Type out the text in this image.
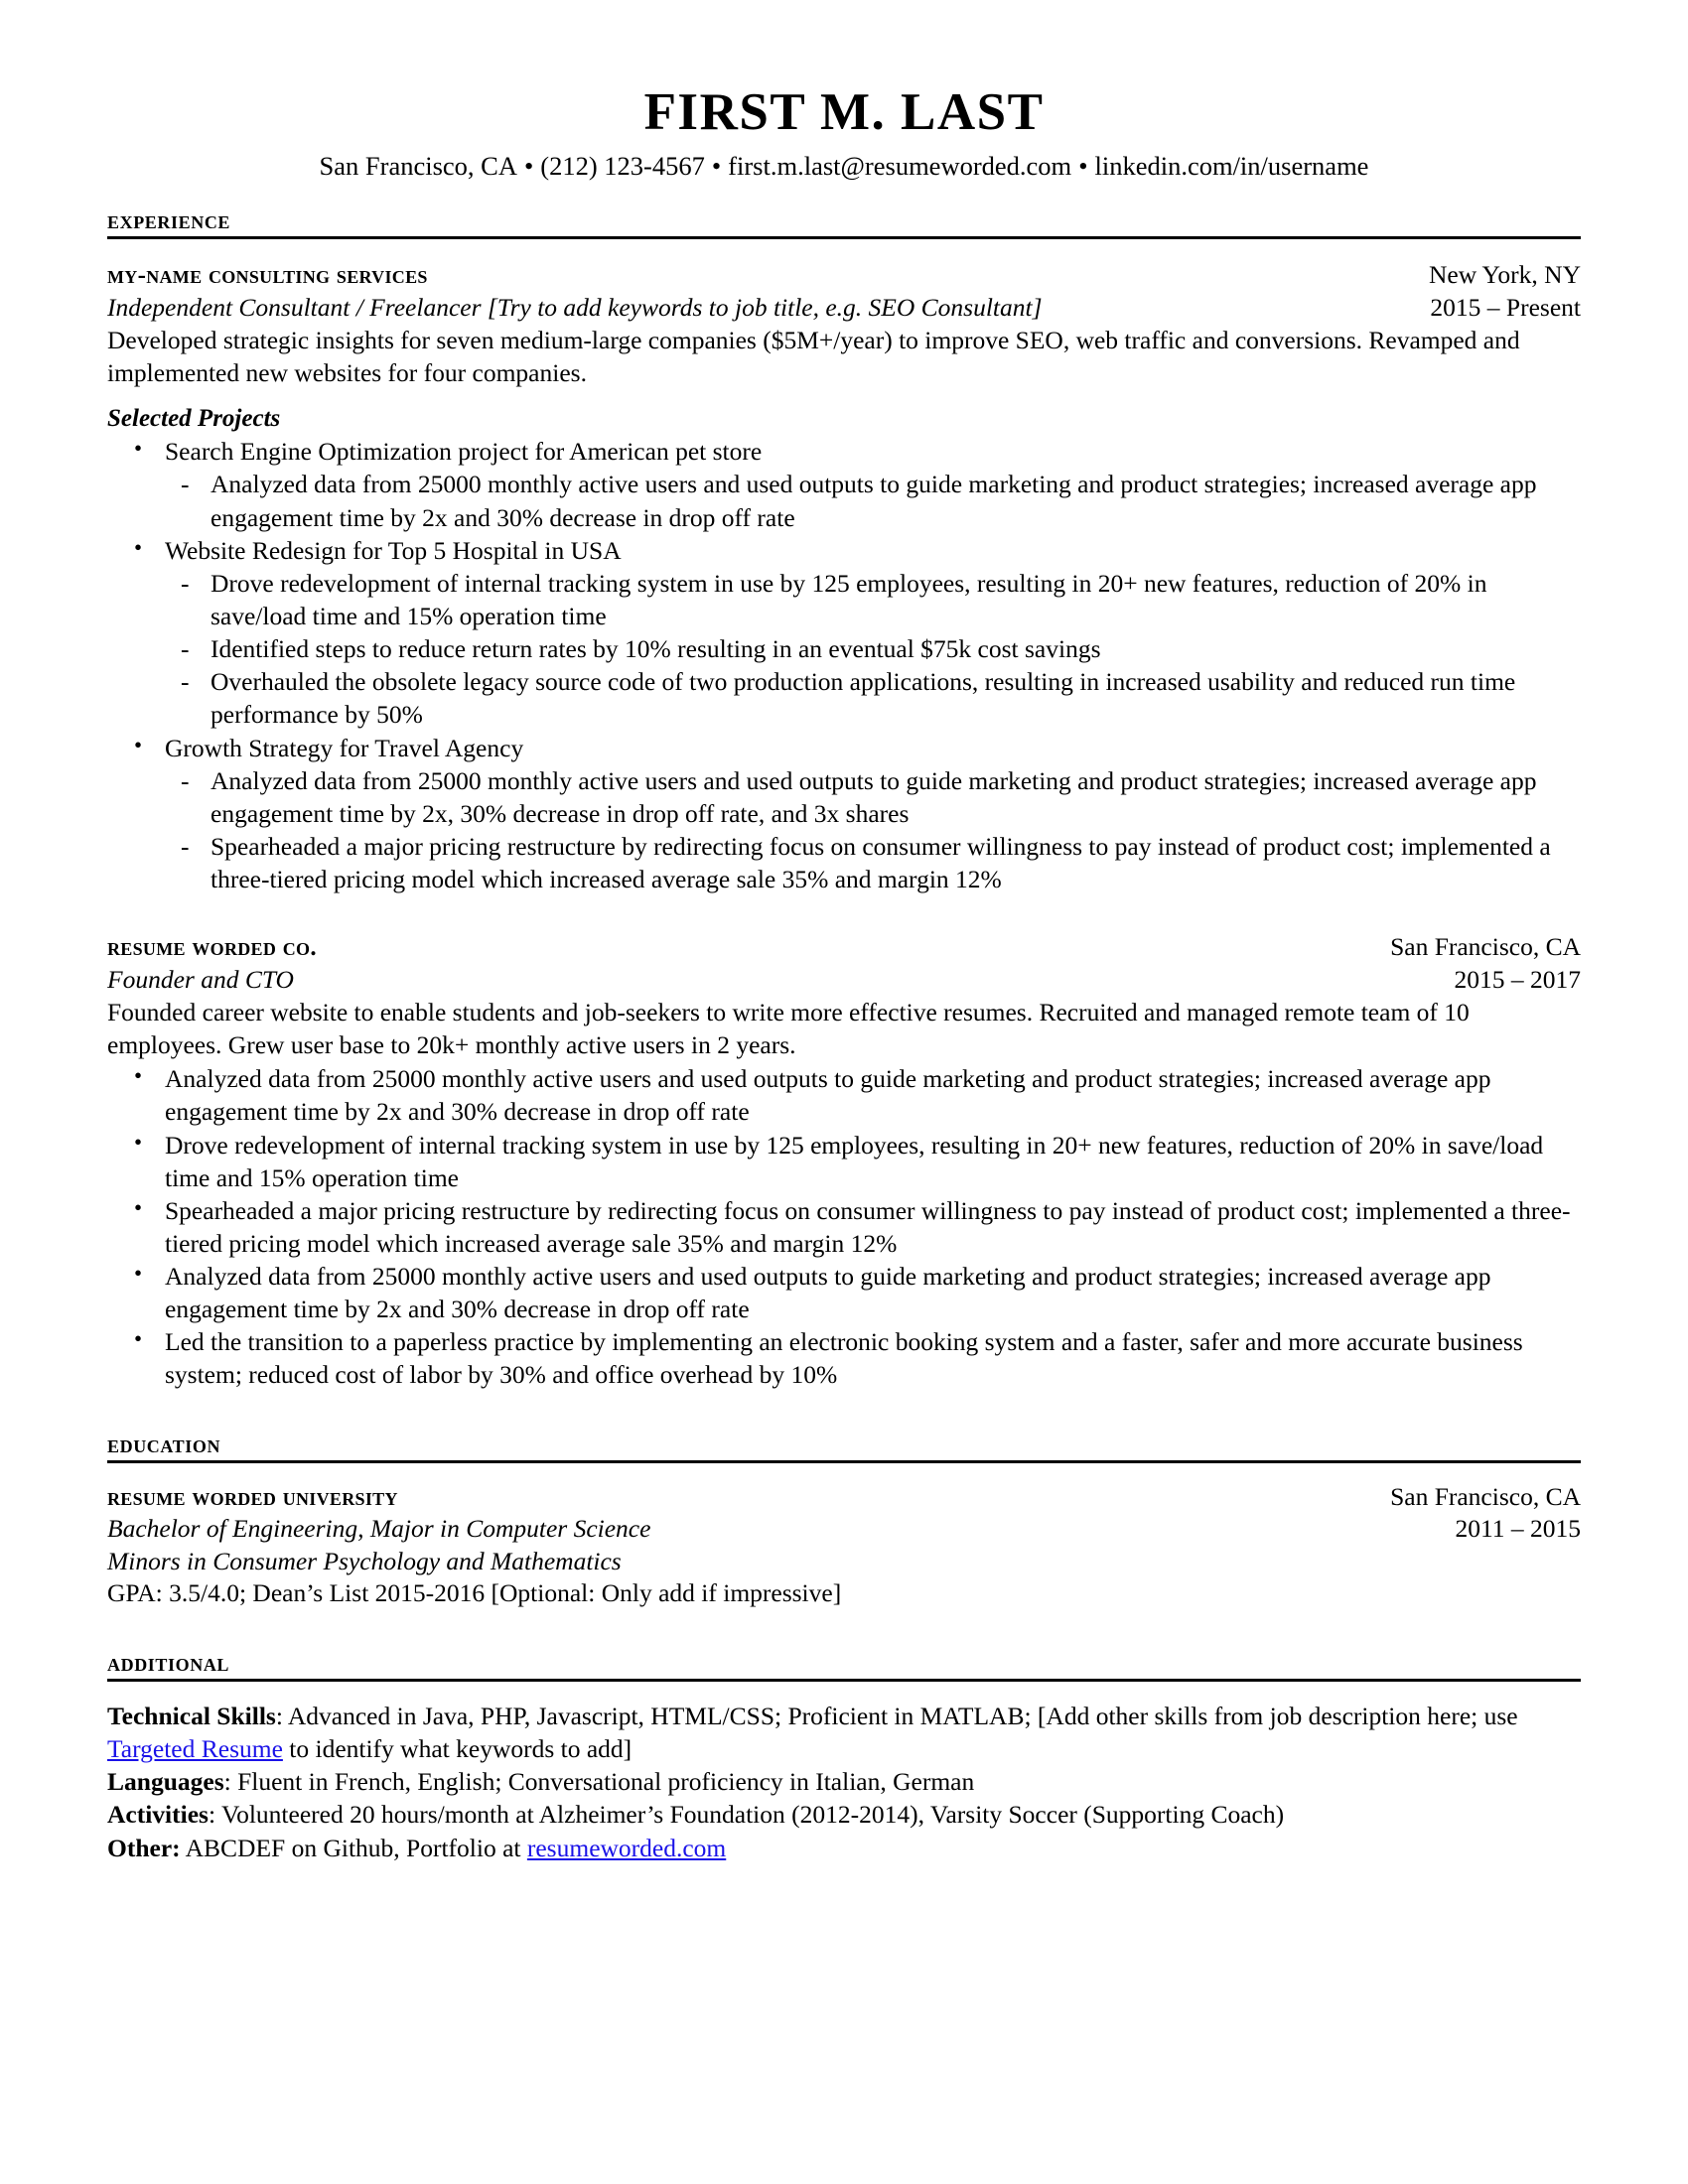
FIRST M. LAST
San Francisco, CA • (212) 123-4567 • first.m.last@resumeworded.com • linkedin.com/in/username
experience
my-name consulting services	New York, NY
Independent Consultant / Freelancer [Try to add keywords to job title, e.g. SEO Consultant]	2015 – Present
Developed strategic insights for seven medium-large companies ($5M+/year) to improve SEO, web traffic and conversions. Revamped and implemented new websites for four companies.
Selected Projects
• Search Engine Optimization project for American pet store
- Analyzed data from 25000 monthly active users and used outputs to guide marketing and product strategies; increased average app engagement time by 2x and 30% decrease in drop off rate
• Website Redesign for Top 5 Hospital in USA
- Drove redevelopment of internal tracking system in use by 125 employees, resulting in 20+ new features, reduction of 20% in save/load time and 15% operation time
- Identified steps to reduce return rates by 10% resulting in an eventual $75k cost savings
- Overhauled the obsolete legacy source code of two production applications, resulting in increased usability and reduced run time performance by 50%
• Growth Strategy for Travel Agency
- Analyzed data from 25000 monthly active users and used outputs to guide marketing and product strategies; increased average app engagement time by 2x, 30% decrease in drop off rate, and 3x shares
- Spearheaded a major pricing restructure by redirecting focus on consumer willingness to pay instead of product cost; implemented a three-tiered pricing model which increased average sale 35% and margin 12%
resume worded co.	San Francisco, CA
Founder and CTO	2015 – 2017
Founded career website to enable students and job-seekers to write more effective resumes. Recruited and managed remote team of 10 employees. Grew user base to 20k+ monthly active users in 2 years.
• Analyzed data from 25000 monthly active users and used outputs to guide marketing and product strategies; increased average app engagement time by 2x and 30% decrease in drop off rate
• Drove redevelopment of internal tracking system in use by 125 employees, resulting in 20+ new features, reduction of 20% in save/load time and 15% operation time
• Spearheaded a major pricing restructure by redirecting focus on consumer willingness to pay instead of product cost; implemented a three-tiered pricing model which increased average sale 35% and margin 12%
• Analyzed data from 25000 monthly active users and used outputs to guide marketing and product strategies; increased average app engagement time by 2x and 30% decrease in drop off rate
• Led the transition to a paperless practice by implementing an electronic booking system and a faster, safer and more accurate business system; reduced cost of labor by 30% and office overhead by 10%
education
resume worded university	San Francisco, CA
Bachelor of Engineering, Major in Computer Science	2011 – 2015
Minors in Consumer Psychology and Mathematics
GPA: 3.5/4.0; Dean’s List 2015-2016 [Optional: Only add if impressive]
additional
Technical Skills: Advanced in Java, PHP, Javascript, HTML/CSS; Proficient in MATLAB; [Add other skills from job description here; use Targeted Resume to identify what keywords to add]
Languages: Fluent in French, English; Conversational proficiency in Italian, German
Activities: Volunteered 20 hours/month at Alzheimer’s Foundation (2012-2014), Varsity Soccer (Supporting Coach)
Other: ABCDEF on Github, Portfolio at resumeworded.com
